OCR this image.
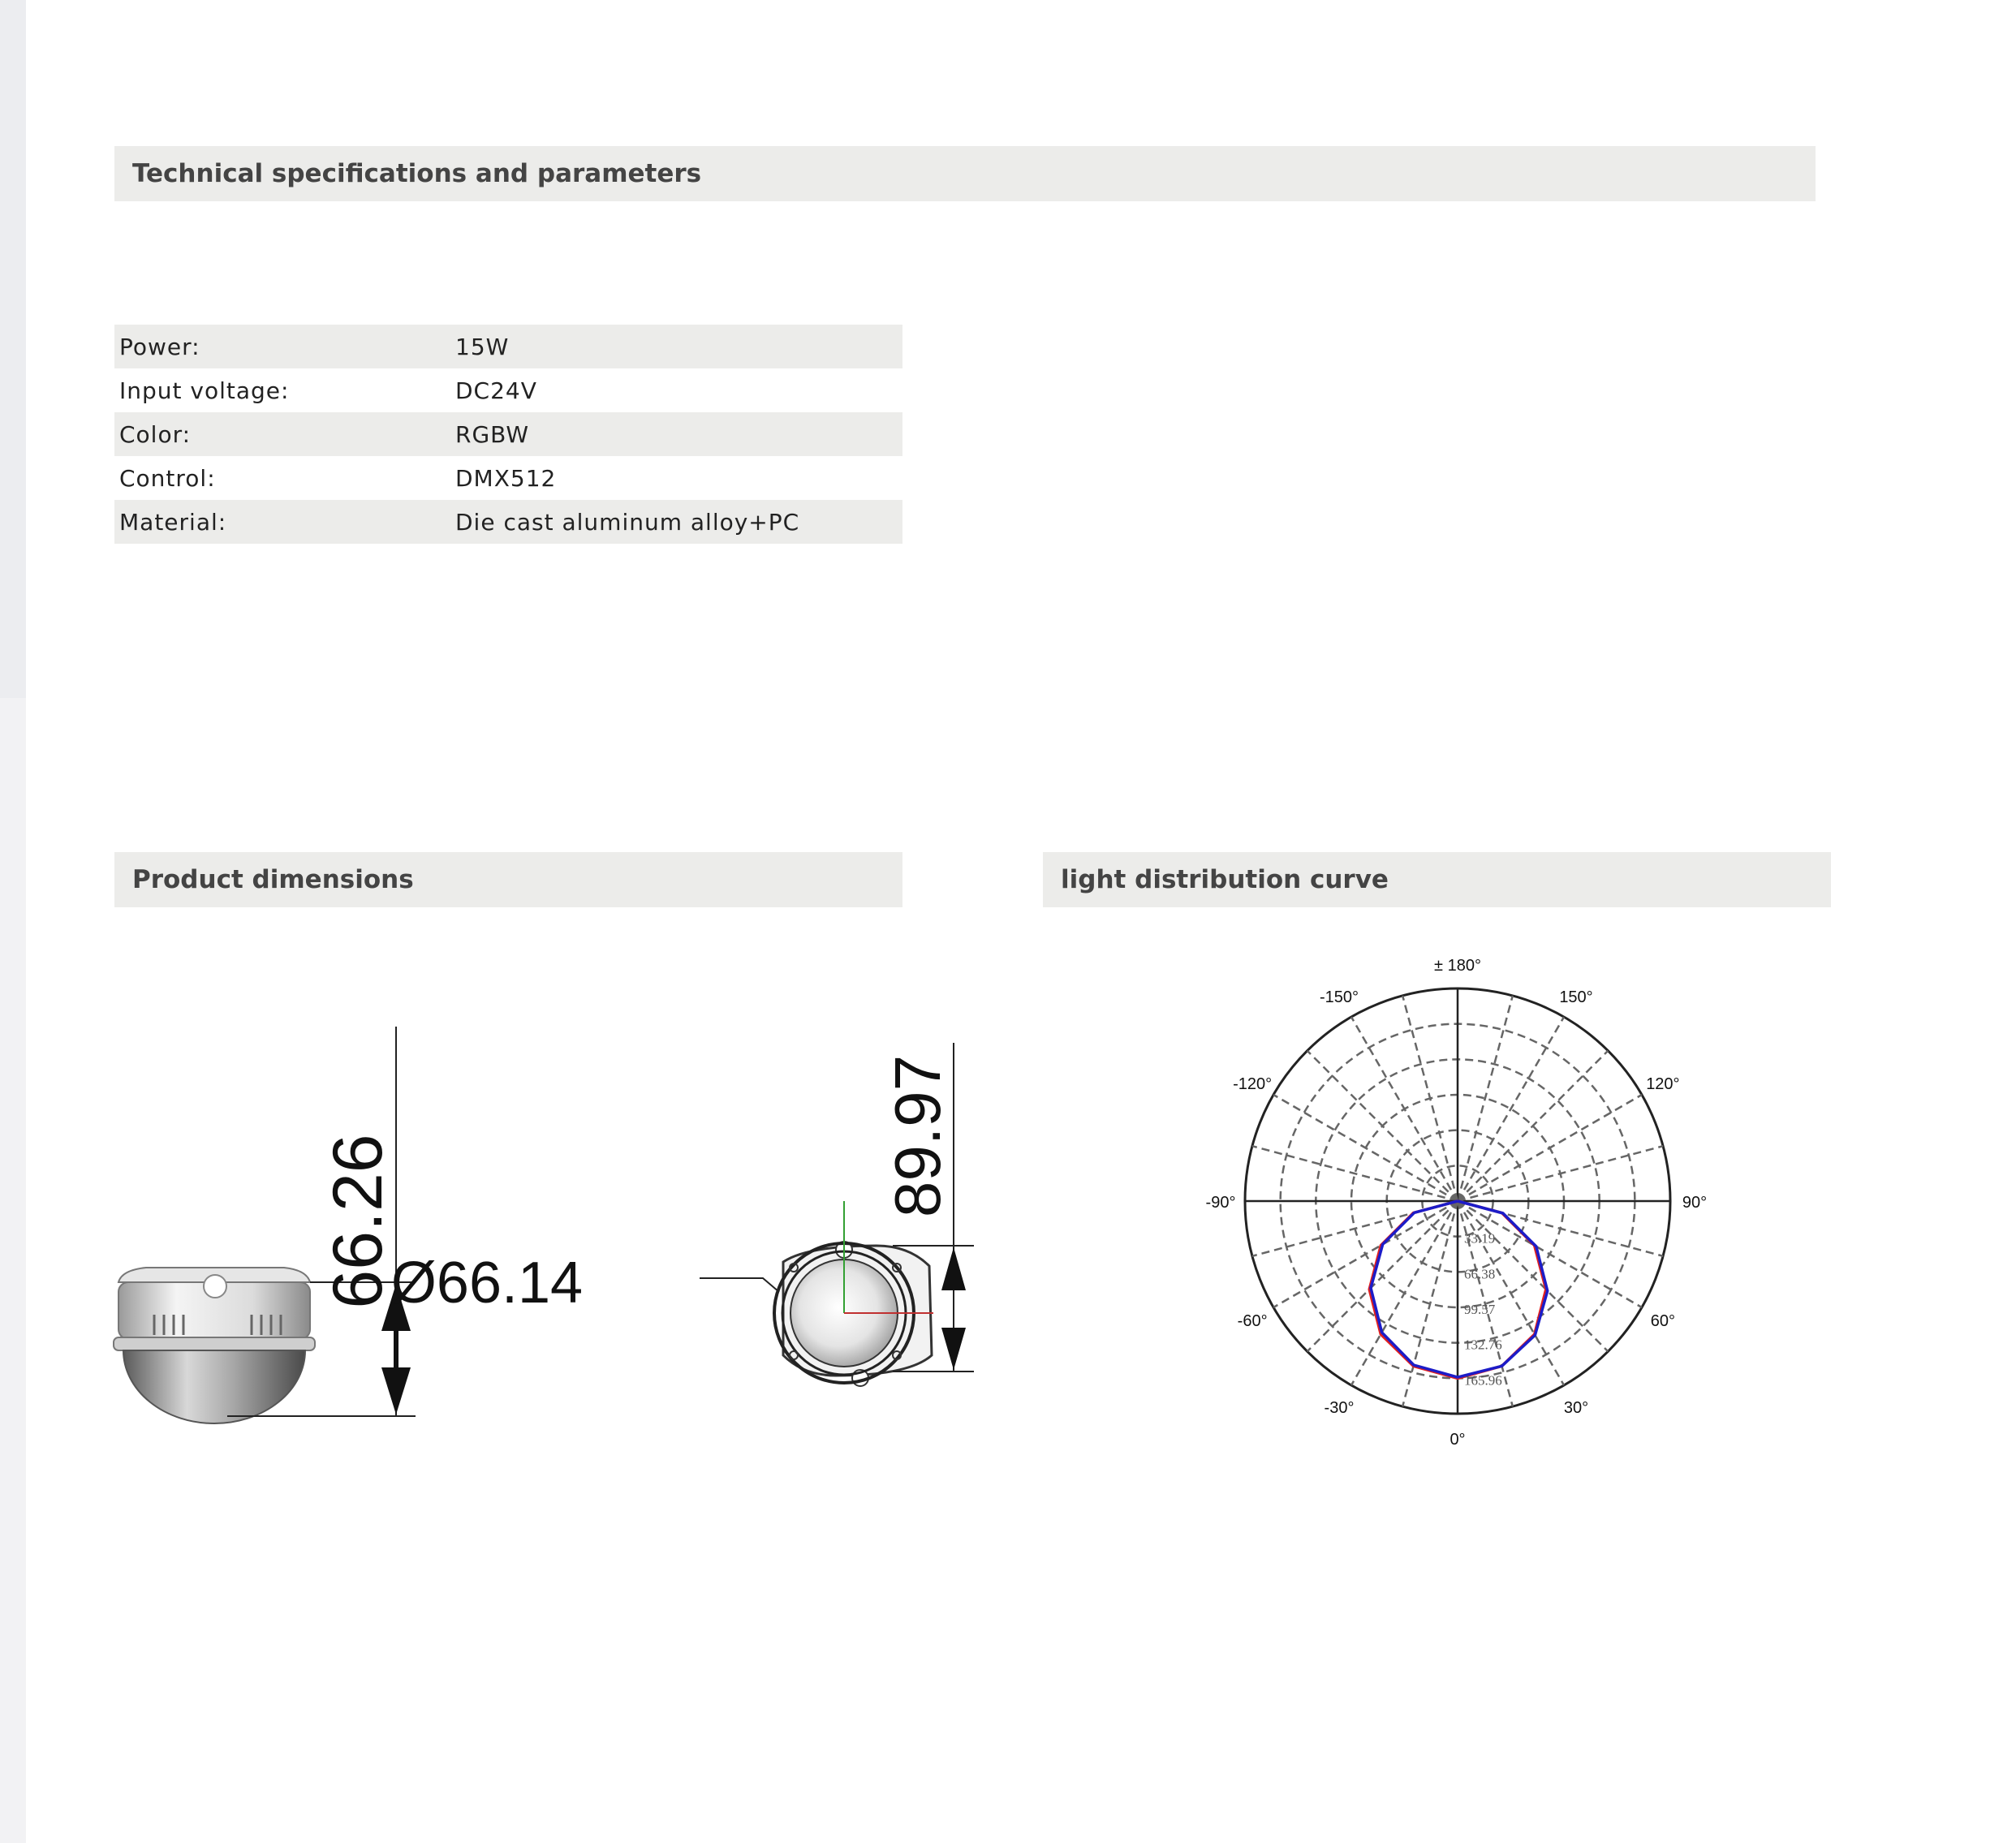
Technical specifications and parameters
Power:	15W
Input voltage:	DC24V
Color:	RGBW
Control:	DMX512
Material:	Die cast aluminum alloy+PC
Product dimensions	light distribution curve
66.26
Ø66.14
89.97
± 180°
150°
120°
90°
60°
30°
0°
-30°
-60°
-90°
-120°
-150°
33.19
66.38
99.57
132.76
165.96
